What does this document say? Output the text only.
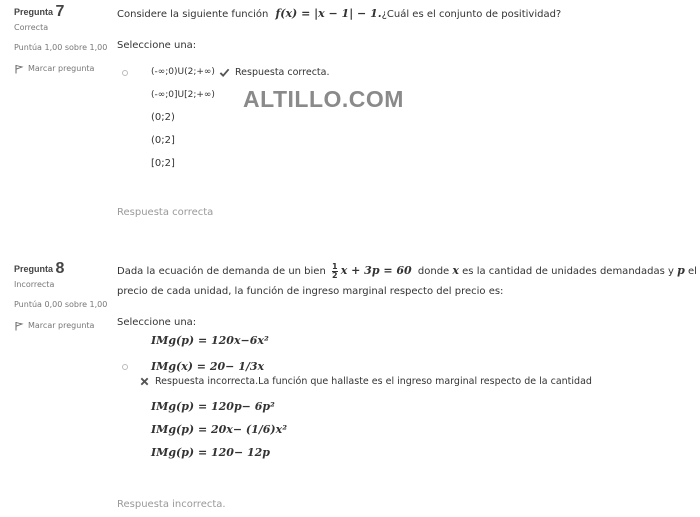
ALTILLO.COM
Pregunta 7
Correcta
Puntúa 1,00 sobre 1,00
Marcar pregunta
Considere la siguiente función f(x) = |x − 1| − 1.¿Cuál es el conjunto de positividad?
Seleccione una:
(-∞;0)U(2;+∞) Respuesta correcta.
(-∞;0]U[2;+∞)
(0;2)
(0;2]
[0;2]
Respuesta correcta
Pregunta 8
Incorrecta
Puntúa 0,00 sobre 1,00
Marcar pregunta
Dada la ecuación de demanda de un bien $\frac{1}{2}$ x + 3p = 60 donde x es la cantidad de unidades demandadas y p el
precio de cada unidad, la función de ingreso marginal respecto del precio es:
Seleccione una:
IMg(p) = 120x−6x²
IMg(x) = 20− 1/3x
Respuesta incorrecta.La función que hallaste es el ingreso marginal respecto de la cantidad
IMg(p) = 120p− 6p²
IMg(p) = 20x− (1/6)x²
IMg(p) = 120− 12p
Respuesta incorrecta.
